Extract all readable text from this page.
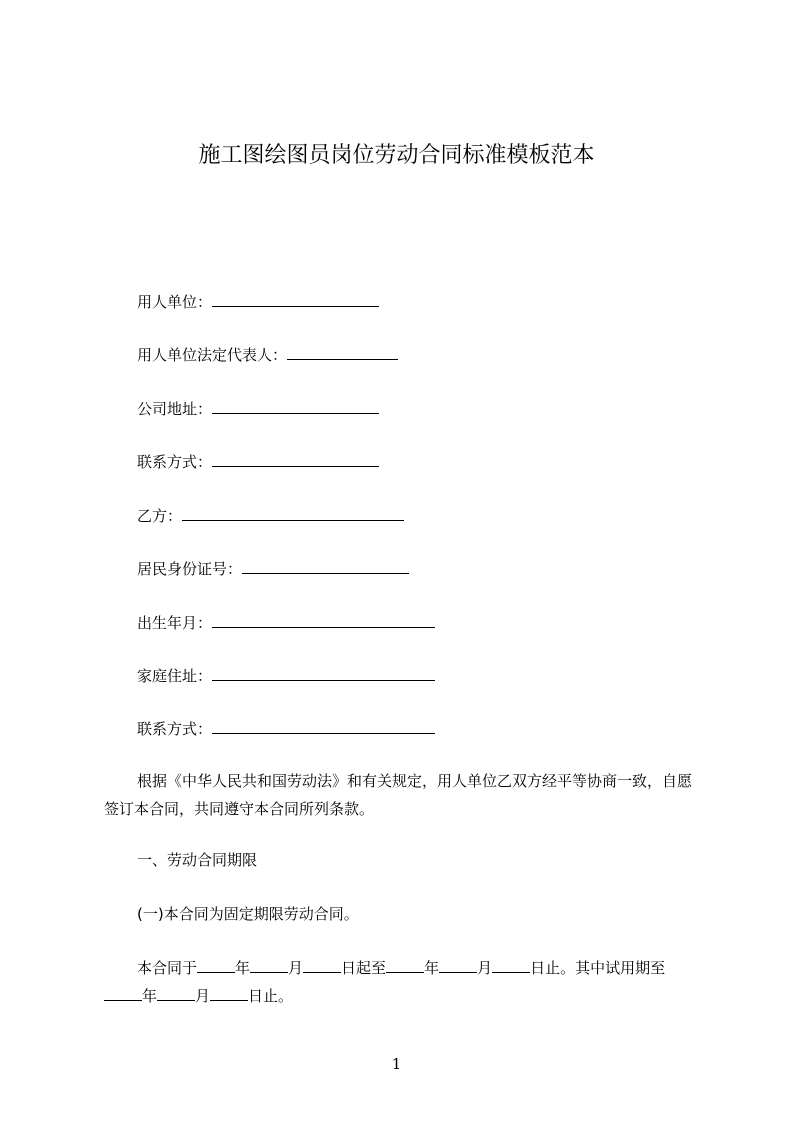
施工图绘图员岗位劳动合同标准模板范本
用人单位：
用人单位法定代表人：
公司地址：
联系方式：
乙方：
居民身份证号：
出生年月：
家庭住址：
联系方式：
根据《中华人民共和国劳动法》和有关规定，用人单位乙双方经平等协商一致，自愿签订本合同，共同遵守本合同所列条款。
一、劳动合同期限
(一)本合同为固定期限劳动合同。
本合同于	年	月	日起至	年	月	日止。其中试用期至
年	月	日止。
1
